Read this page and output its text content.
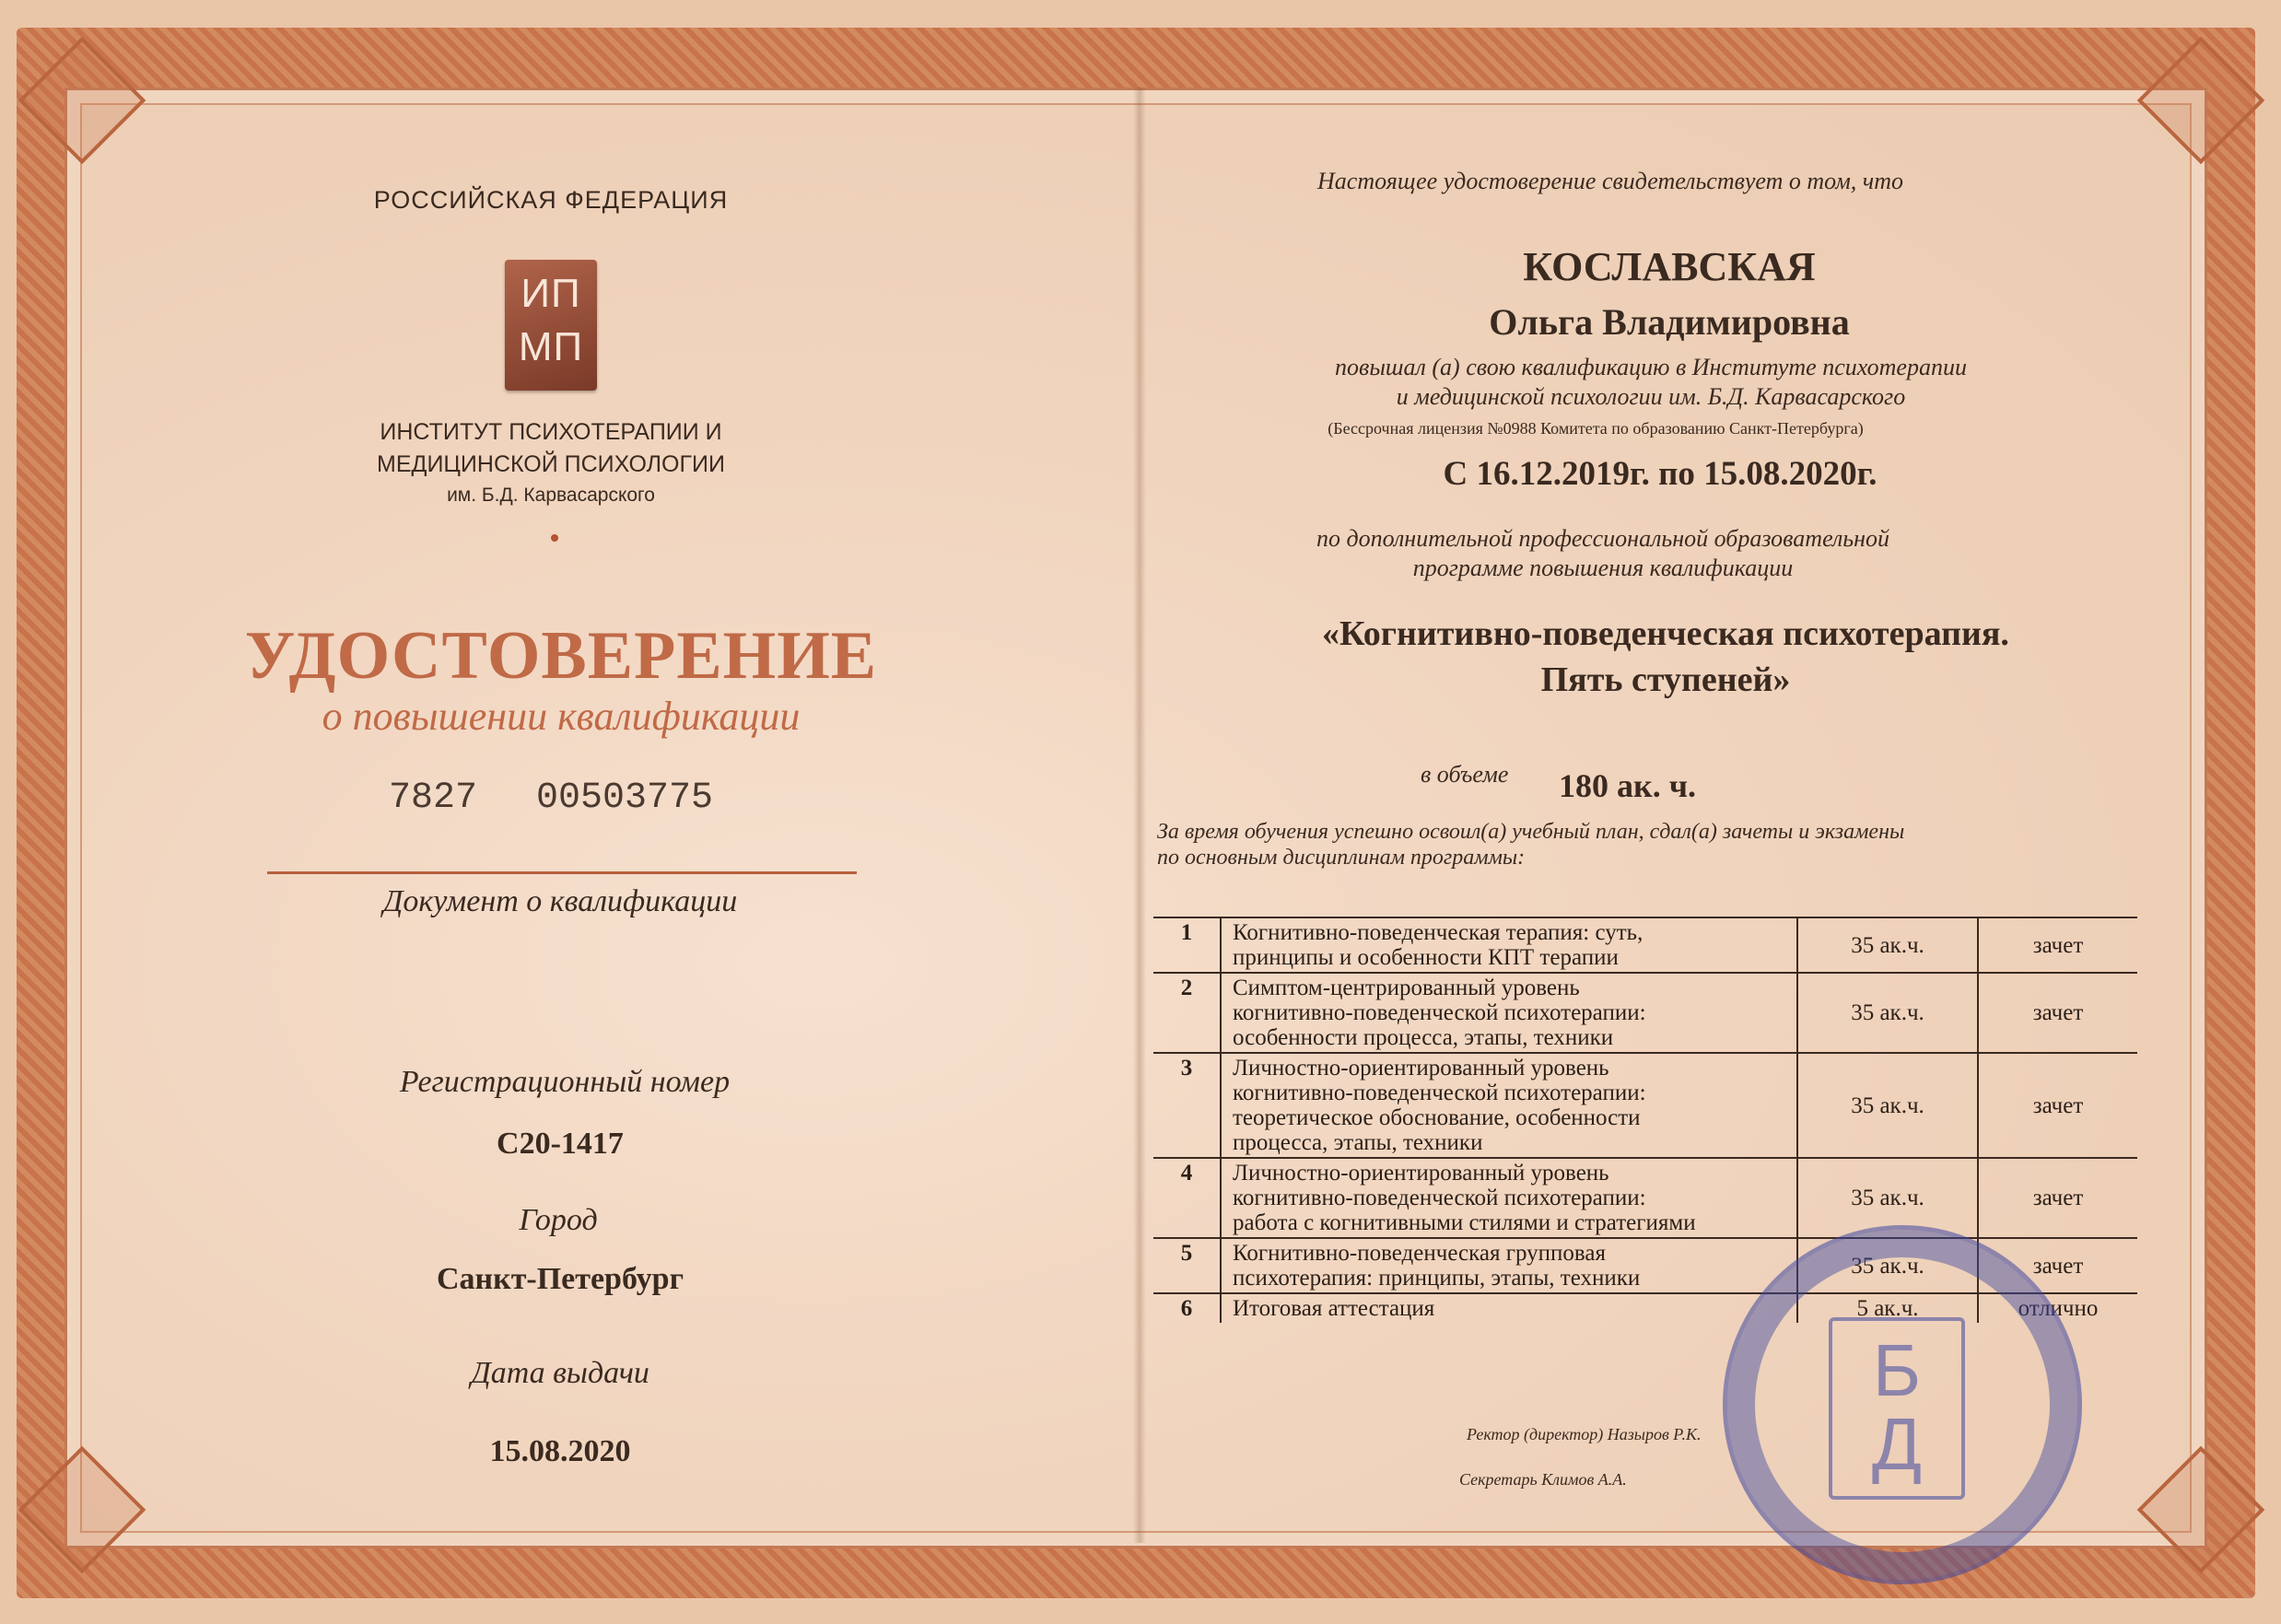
РОССИЙСКАЯ ФЕДЕРАЦИЯ
ИП
МП
ИНСТИТУТ ПСИХОТЕРАПИИ И
МЕДИЦИНСКОЙ ПСИХОЛОГИИ
им. Б.Д. Карвасарского
УДОСТОВЕРЕНИЕ
о повышении квалификации
7827 00503775
Документ о квалификации
Регистрационный номер
С20-1417
Город
Санкт-Петербург
Дата выдачи
15.08.2020
Настоящее удостоверение свидетельствует о том, что
КОСЛАВСКАЯ
Ольга Владимировна
повышал (а) свою квалификацию в Институте психотерапии
и медицинской психологии им. Б.Д. Карвасарского
(Бессрочная лицензия №0988 Комитета по образованию Санкт-Петербурга)
С 16.12.2019г. по 15.08.2020г.
по дополнительной профессиональной образовательной
программе повышения квалификации
«Когнитивно-поведенческая психотерапия.
Пять ступеней»
в объеме 180 ак. ч.
За время обучения успешно освоил(а) учебный план, сдал(а) зачеты и экзамены
по основным дисциплинам программы:
1	Когнитивно-поведенческая терапия: суть,
принципы и особенности КПТ терапии	35 ак.ч.	зачет
2	Симптом-центрированный уровень
когнитивно-поведенческой психотерапии:
особенности процесса, этапы, техники	35 ак.ч.	зачет
3	Личностно-ориентированный уровень
когнитивно-поведенческой психотерапии:
теоретическое обоснование, особенности
процесса, этапы, техники	35 ак.ч.	зачет
4	Личностно-ориентированный уровень
когнитивно-поведенческой психотерапии:
работа с когнитивными стилями и стратегиями	35 ак.ч.	зачет
5	Когнитивно-поведенческая групповая
психотерапия: принципы, этапы, техники	35 ак.ч.	зачет
6	Итоговая аттестация	5 ак.ч.	отлично
Б
Д
Ректор (директор) Назыров Р.К.
Секретарь Климов А.А.
